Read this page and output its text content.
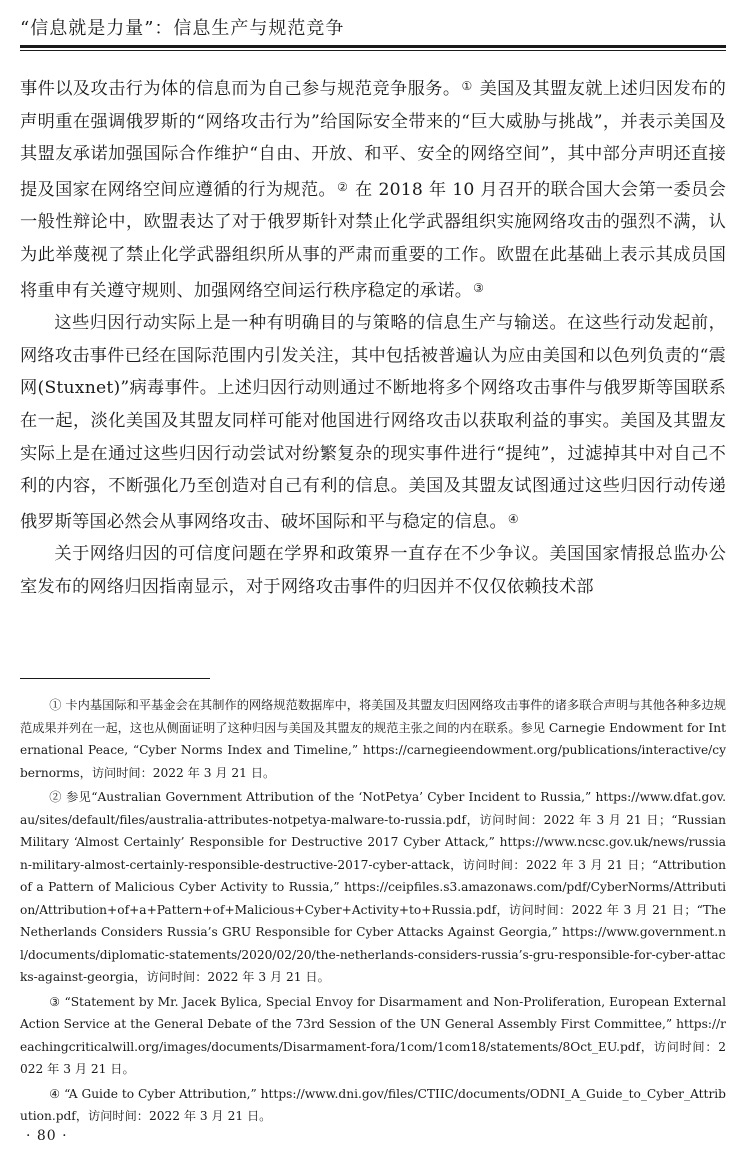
“信息就是力量”：信息生产与规范竞争

事件以及攻击行为体的信息而为自己参与规范竞争服务。① 美国及其盟友就上述归因发布的声明重在强调俄罗斯的“网络攻击行为”给国际安全带来的“巨大威胁与挑战”，并表示美国及其盟友承诺加强国际合作维护“自由、开放、和平、安全的网络空间”，其中部分声明还直接提及国家在网络空间应遵循的行为规范。② 在 2018 年 10 月召开的联合国大会第一委员会一般性辩论中，欧盟表达了对于俄罗斯针对禁止化学武器组织实施网络攻击的强烈不满，认为此举蔑视了禁止化学武器组织所从事的严肃而重要的工作。欧盟在此基础上表示其成员国将重申有关遵守规则、加强网络空间运行秩序稳定的承诺。③

这些归因行动实际上是一种有明确目的与策略的信息生产与输送。在这些行动发起前，网络攻击事件已经在国际范围内引发关注，其中包括被普遍认为应由美国和以色列负责的“震网(Stuxnet)”病毒事件。上述归因行动则通过不断地将多个网络攻击事件与俄罗斯等国联系在一起，淡化美国及其盟友同样可能对他国进行网络攻击以获取利益的事实。美国及其盟友实际上是在通过这些归因行动尝试对纷繁复杂的现实事件进行“提纯”，过滤掉其中对自己不利的内容，不断强化乃至创造对自己有利的信息。美国及其盟友试图通过这些归因行动传递俄罗斯等国必然会从事网络攻击、破坏国际和平与稳定的信息。④

关于网络归因的可信度问题在学界和政策界一直存在不少争议。美国国家情报总监办公室发布的网络归因指南显示，对于网络攻击事件的归因并不仅仅依赖技术部

① 卡内基国际和平基金会在其制作的网络规范数据库中，将美国及其盟友归因网络攻击事件的诸多联合声明与其他各种多边规范成果并列在一起，这也从侧面证明了这种归因与美国及其盟友的规范主张之间的内在联系。参见 Carnegie Endowment for International Peace, “Cyber Norms Index and Timeline,” https://carnegieendowment.org/publications/interactive/cybernorms，访问时间：2022 年 3 月 21 日。

② 参见“Australian Government Attribution of the ‘NotPetya’ Cyber Incident to Russia,” https://www.dfat.gov.au/sites/default/files/australia-attributes-notpetya-malware-to-russia.pdf，访问时间：2022 年 3 月 21 日；“Russian Military ‘Almost Certainly’ Responsible for Destructive 2017 Cyber Attack,” https://www.ncsc.gov.uk/news/russian-military-almost-certainly-responsible-destructive-2017-cyber-attack，访问时间：2022 年 3 月 21 日；“Attribution of a Pattern of Malicious Cyber Activity to Russia,” https://ceipfiles.s3.amazonaws.com/pdf/CyberNorms/Attribution/Attribution+of+a+Pattern+of+Malicious+Cyber+Activity+to+Russia.pdf，访问时间：2022 年 3 月 21 日；“The Netherlands Considers Russia’s GRU Responsible for Cyber Attacks Against Georgia,” https://www.government.nl/documents/diplomatic-statements/2020/02/20/the-netherlands-considers-russia’s-gru-responsible-for-cyber-attacks-against-georgia，访问时间：2022 年 3 月 21 日。

③ “Statement by Mr. Jacek Bylica, Special Envoy for Disarmament and Non-Proliferation, European External Action Service at the General Debate of the 73rd Session of the UN General Assembly First Committee,” https://reachingcriticalwill.org/images/documents/Disarmament-fora/1com/1com18/statements/8Oct_EU.pdf，访问时间：2022 年 3 月 21 日。

④ “A Guide to Cyber Attribution,” https://www.dni.gov/files/CTIIC/documents/ODNI_A_Guide_to_Cyber_Attribution.pdf，访问时间：2022 年 3 月 21 日。

· 80 ·
